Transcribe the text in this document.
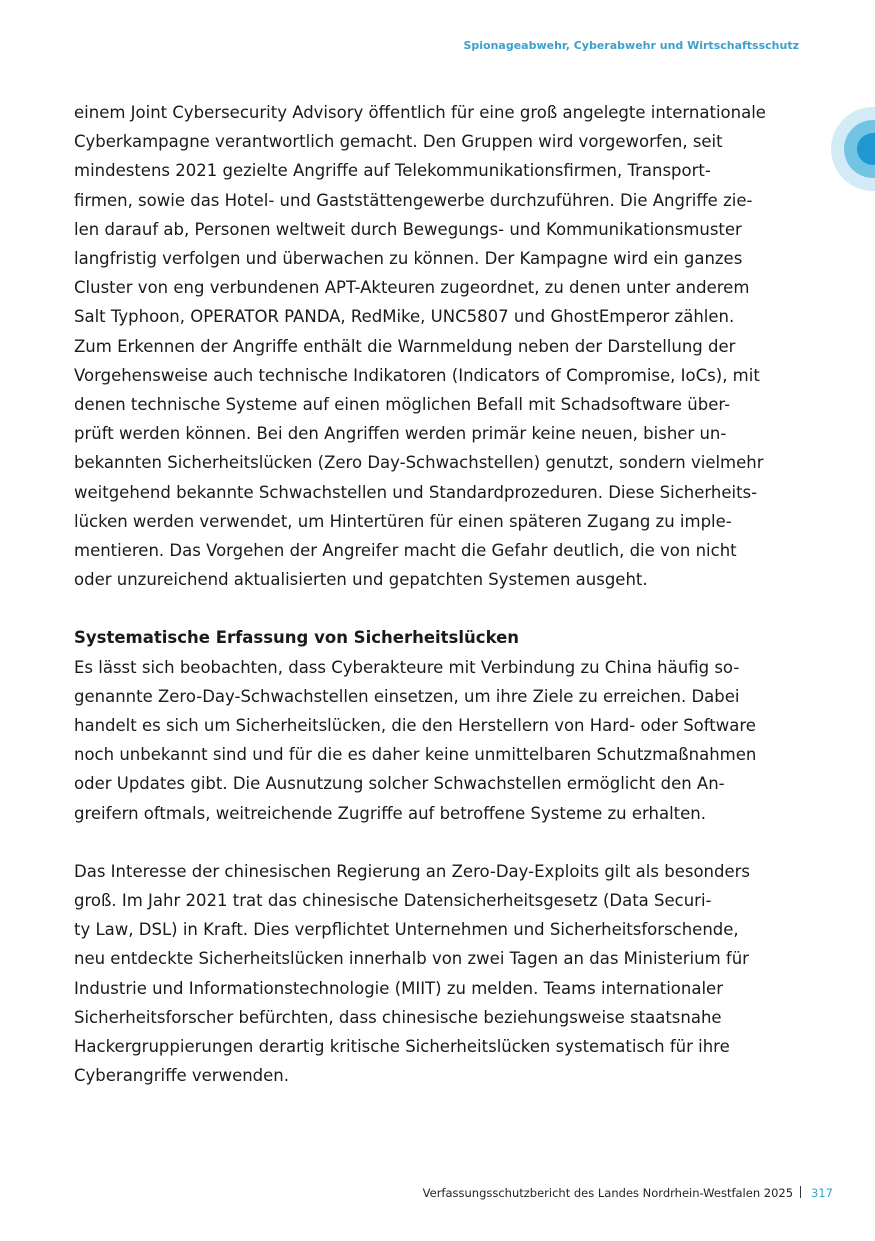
Spionageabwehr, Cyberabwehr und Wirtschaftsschutz

einem Joint Cybersecurity Advisory öffentlich für eine groß angelegte internationale
Cyberkampagne verantwortlich gemacht. Den Gruppen wird vorgeworfen, seit
mindestens 2021 gezielte Angriffe auf Telekommunikationsfirmen, Transport-
firmen, sowie das Hotel- und Gaststättengewerbe durchzuführen. Die Angriffe zie-
len darauf ab, Personen weltweit durch Bewegungs- und Kommunikationsmuster
langfristig verfolgen und überwachen zu können. Der Kampagne wird ein ganzes
Cluster von eng verbundenen APT-Akteuren zugeordnet, zu denen unter anderem
Salt Typhoon, OPERATOR PANDA, RedMike, UNC5807 und GhostEmperor zählen.
Zum Erkennen der Angriffe enthält die Warnmeldung neben der Darstellung der
Vorgehensweise auch technische Indikatoren (Indicators of Compromise, IoCs), mit
denen technische Systeme auf einen möglichen Befall mit Schadsoftware über-
prüft werden können. Bei den Angriffen werden primär keine neuen, bisher un-
bekannten Sicherheitslücken (Zero Day-Schwachstellen) genutzt, sondern vielmehr
weitgehend bekannte Schwachstellen und Standardprozeduren. Diese Sicherheits-
lücken werden verwendet, um Hintertüren für einen späteren Zugang zu imple-
mentieren. Das Vorgehen der Angreifer macht die Gefahr deutlich, die von nicht
oder unzureichend aktualisierten und gepatchten Systemen ausgeht.

Systematische Erfassung von Sicherheitslücken

Es lässt sich beobachten, dass Cyberakteure mit Verbindung zu China häufig so-
genannte Zero-Day-Schwachstellen einsetzen, um ihre Ziele zu erreichen. Dabei
handelt es sich um Sicherheitslücken, die den Herstellern von Hard- oder Software
noch unbekannt sind und für die es daher keine unmittelbaren Schutzmaßnahmen
oder Updates gibt. Die Ausnutzung solcher Schwachstellen ermöglicht den An-
greifern oftmals, weitreichende Zugriffe auf betroffene Systeme zu erhalten.

Das Interesse der chinesischen Regierung an Zero-Day-Exploits gilt als besonders
groß. Im Jahr 2021 trat das chinesische Datensicherheitsgesetz (Data Securi-
ty Law, DSL) in Kraft. Dies verpflichtet Unternehmen und Sicherheitsforschende,
neu entdeckte Sicherheitslücken innerhalb von zwei Tagen an das Ministerium für
Industrie und Informationstechnologie (MIIT) zu melden. Teams internationaler
Sicherheitsforscher befürchten, dass chinesische beziehungsweise staatsnahe
Hackergruppierungen derartig kritische Sicherheitslücken systematisch für ihre
Cyberangriffe verwenden.

Verfassungsschutzbericht des Landes Nordrhein-Westfalen 2025 317
